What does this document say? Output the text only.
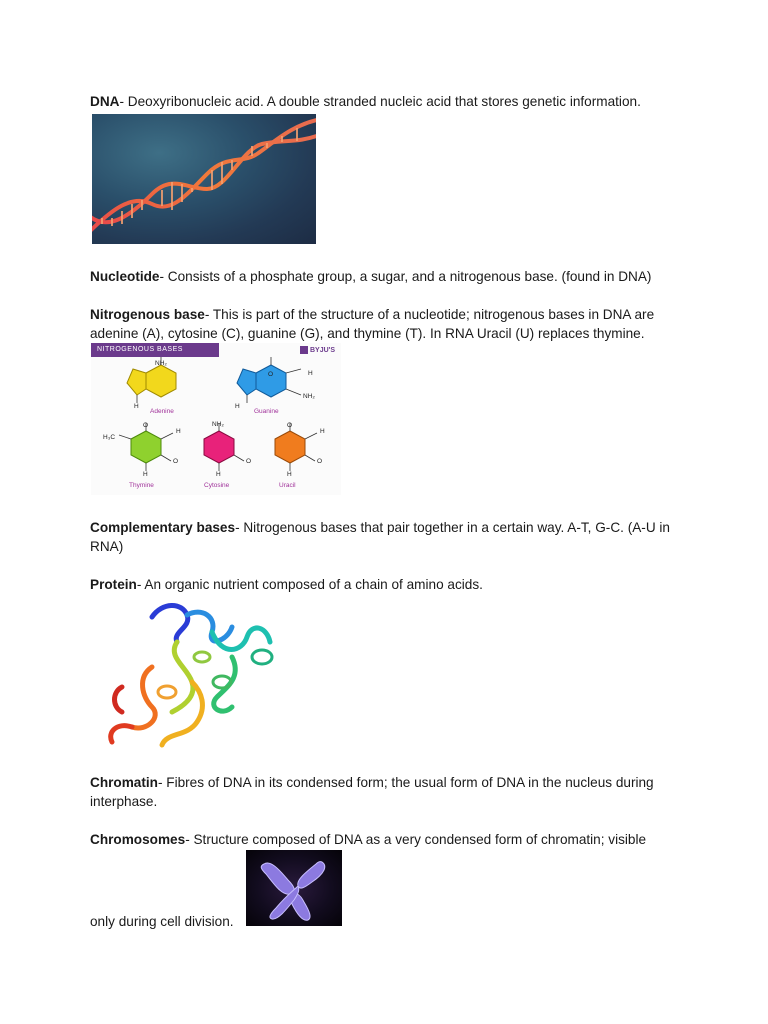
DNA- Deoxyribonucleic acid. A double stranded nucleic acid that stores genetic information.

Nucleotide- Consists of a phosphate group, a sugar, and a nitrogenous base. (found in DNA)

Nitrogenous base- This is part of the structure of a nucleotide; nitrogenous bases in DNA are adenine (A), cytosine (C), guanine (G), and thymine (T). In RNA Uracil (U) replaces thymine.

NITROGENOUS BASES	BYJU'S
NH₂
H
O	H
NH₂
H
H₃C
O
H
O
H
NH₂
O
H
O
H
O
H
Adenine	Guanine
Thymine	Cytosine	Uracil

Complementary bases- Nitrogenous bases that pair together in a certain way. A-T, G-C. (A-U in RNA)

Protein- An organic nutrient composed of a chain of amino acids.

Chromatin- Fibres of DNA in its condensed form; the usual form of DNA in the nucleus during interphase.

Chromosomes- Structure composed of DNA as a very condensed form of chromatin; visible

only during cell division.
